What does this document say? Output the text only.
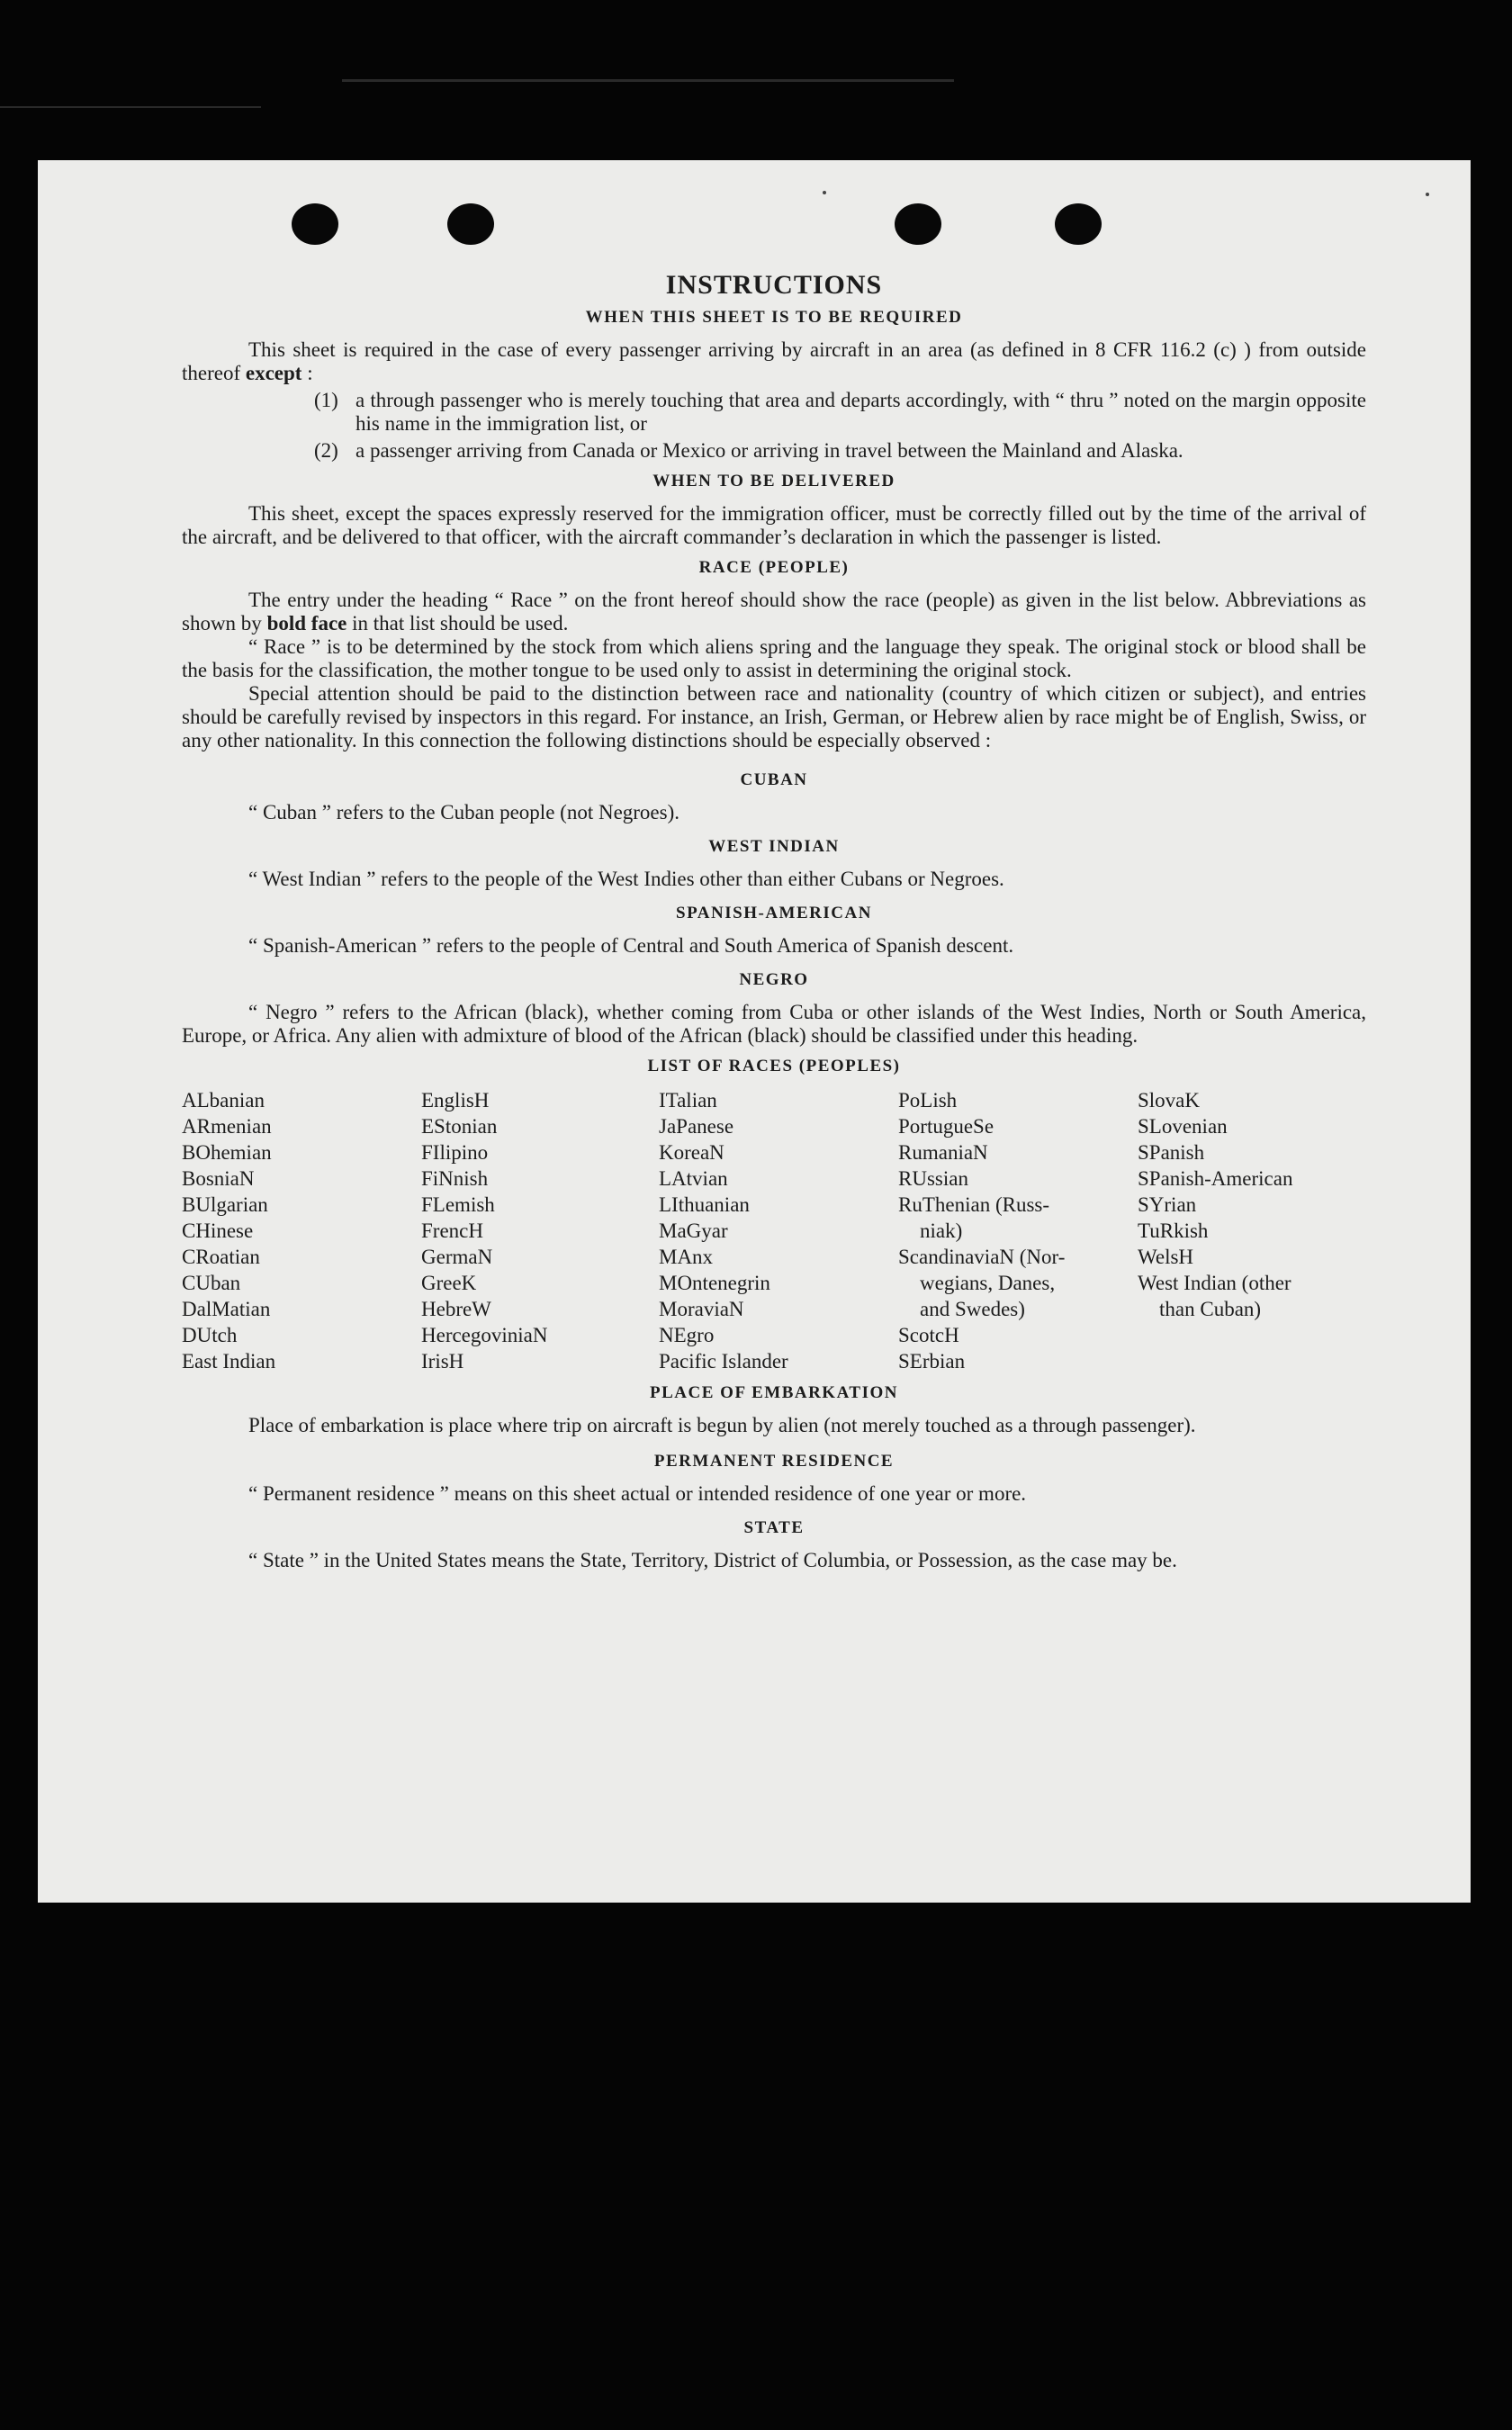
INSTRUCTIONS
WHEN THIS SHEET IS TO BE REQUIRED

This sheet is required in the case of every passenger arriving by aircraft in an area (as defined in 8 CFR 116.2 (c) ) from outside thereof except :

(1) a through passenger who is merely touching that area and departs accordingly, with “ thru ” noted on the margin opposite his name in the immigration list, or
(2) a passenger arriving from Canada or Mexico or arriving in travel between the Mainland and Alaska.
WHEN TO BE DELIVERED

This sheet, except the spaces expressly reserved for the immigration officer, must be correctly filled out by the time of the arrival of the aircraft, and be delivered to that officer, with the aircraft commander’s declaration in which the passenger is listed.

RACE (PEOPLE)

The entry under the heading “ Race ” on the front hereof should show the race (people) as given in the list below. Abbreviations as shown by bold face in that list should be used.

“ Race ” is to be determined by the stock from which aliens spring and the language they speak. The original stock or blood shall be the basis for the classification, the mother tongue to be used only to assist in determining the original stock.

Special attention should be paid to the distinction between race and nationality (country of which citizen or subject), and entries should be carefully revised by inspectors in this regard. For instance, an Irish, German, or Hebrew alien by race might be of English, Swiss, or any other nationality. In this connection the following distinctions should be especially observed :

CUBAN

“ Cuban ” refers to the Cuban people (not Negroes).

WEST INDIAN

“ West Indian ” refers to the people of the West Indies other than either Cubans or Negroes.

SPANISH-AMERICAN

“ Spanish-American ” refers to the people of Central and South America of Spanish descent.

NEGRO

“ Negro ” refers to the African (black), whether coming from Cuba or other islands of the West Indies, North or South America, Europe, or Africa. Any alien with admixture of blood of the African (black) should be classified under this heading.

LIST OF RACES (PEOPLES)
ALbanian
ARmenian
BOhemian
BosniaN
BUlgarian
CHinese
CRoatian
CUban
DalMatian
DUtch
East Indian
EnglisH
EStonian
FIlipino
FiNnish
FLemish
FrencH
GermaN
GreeK
HebreW
HercegoviniaN
IrisH
ITalian
JaPanese
KoreaN
LAtvian
LIthuanian
MaGyar
MAnx
MOntenegrin
MoraviaN
NEgro
Pacific Islander
PoLish
PortugueSe
RumaniaN
RUssian
RuThenian (Russ-
niak)
ScandinaviaN (Nor-
wegians, Danes,
and Swedes)
ScotcH
SErbian
SlovaK
SLovenian
SPanish
SPanish-American
SYrian
TuRkish
WelsH
West Indian (other
than Cuban)
PLACE OF EMBARKATION

Place of embarkation is place where trip on aircraft is begun by alien (not merely touched as a through passenger).

PERMANENT RESIDENCE

“ Permanent residence ” means on this sheet actual or intended residence of one year or more.

STATE

“ State ” in the United States means the State, Territory, District of Columbia, or Possession, as the case may be.
